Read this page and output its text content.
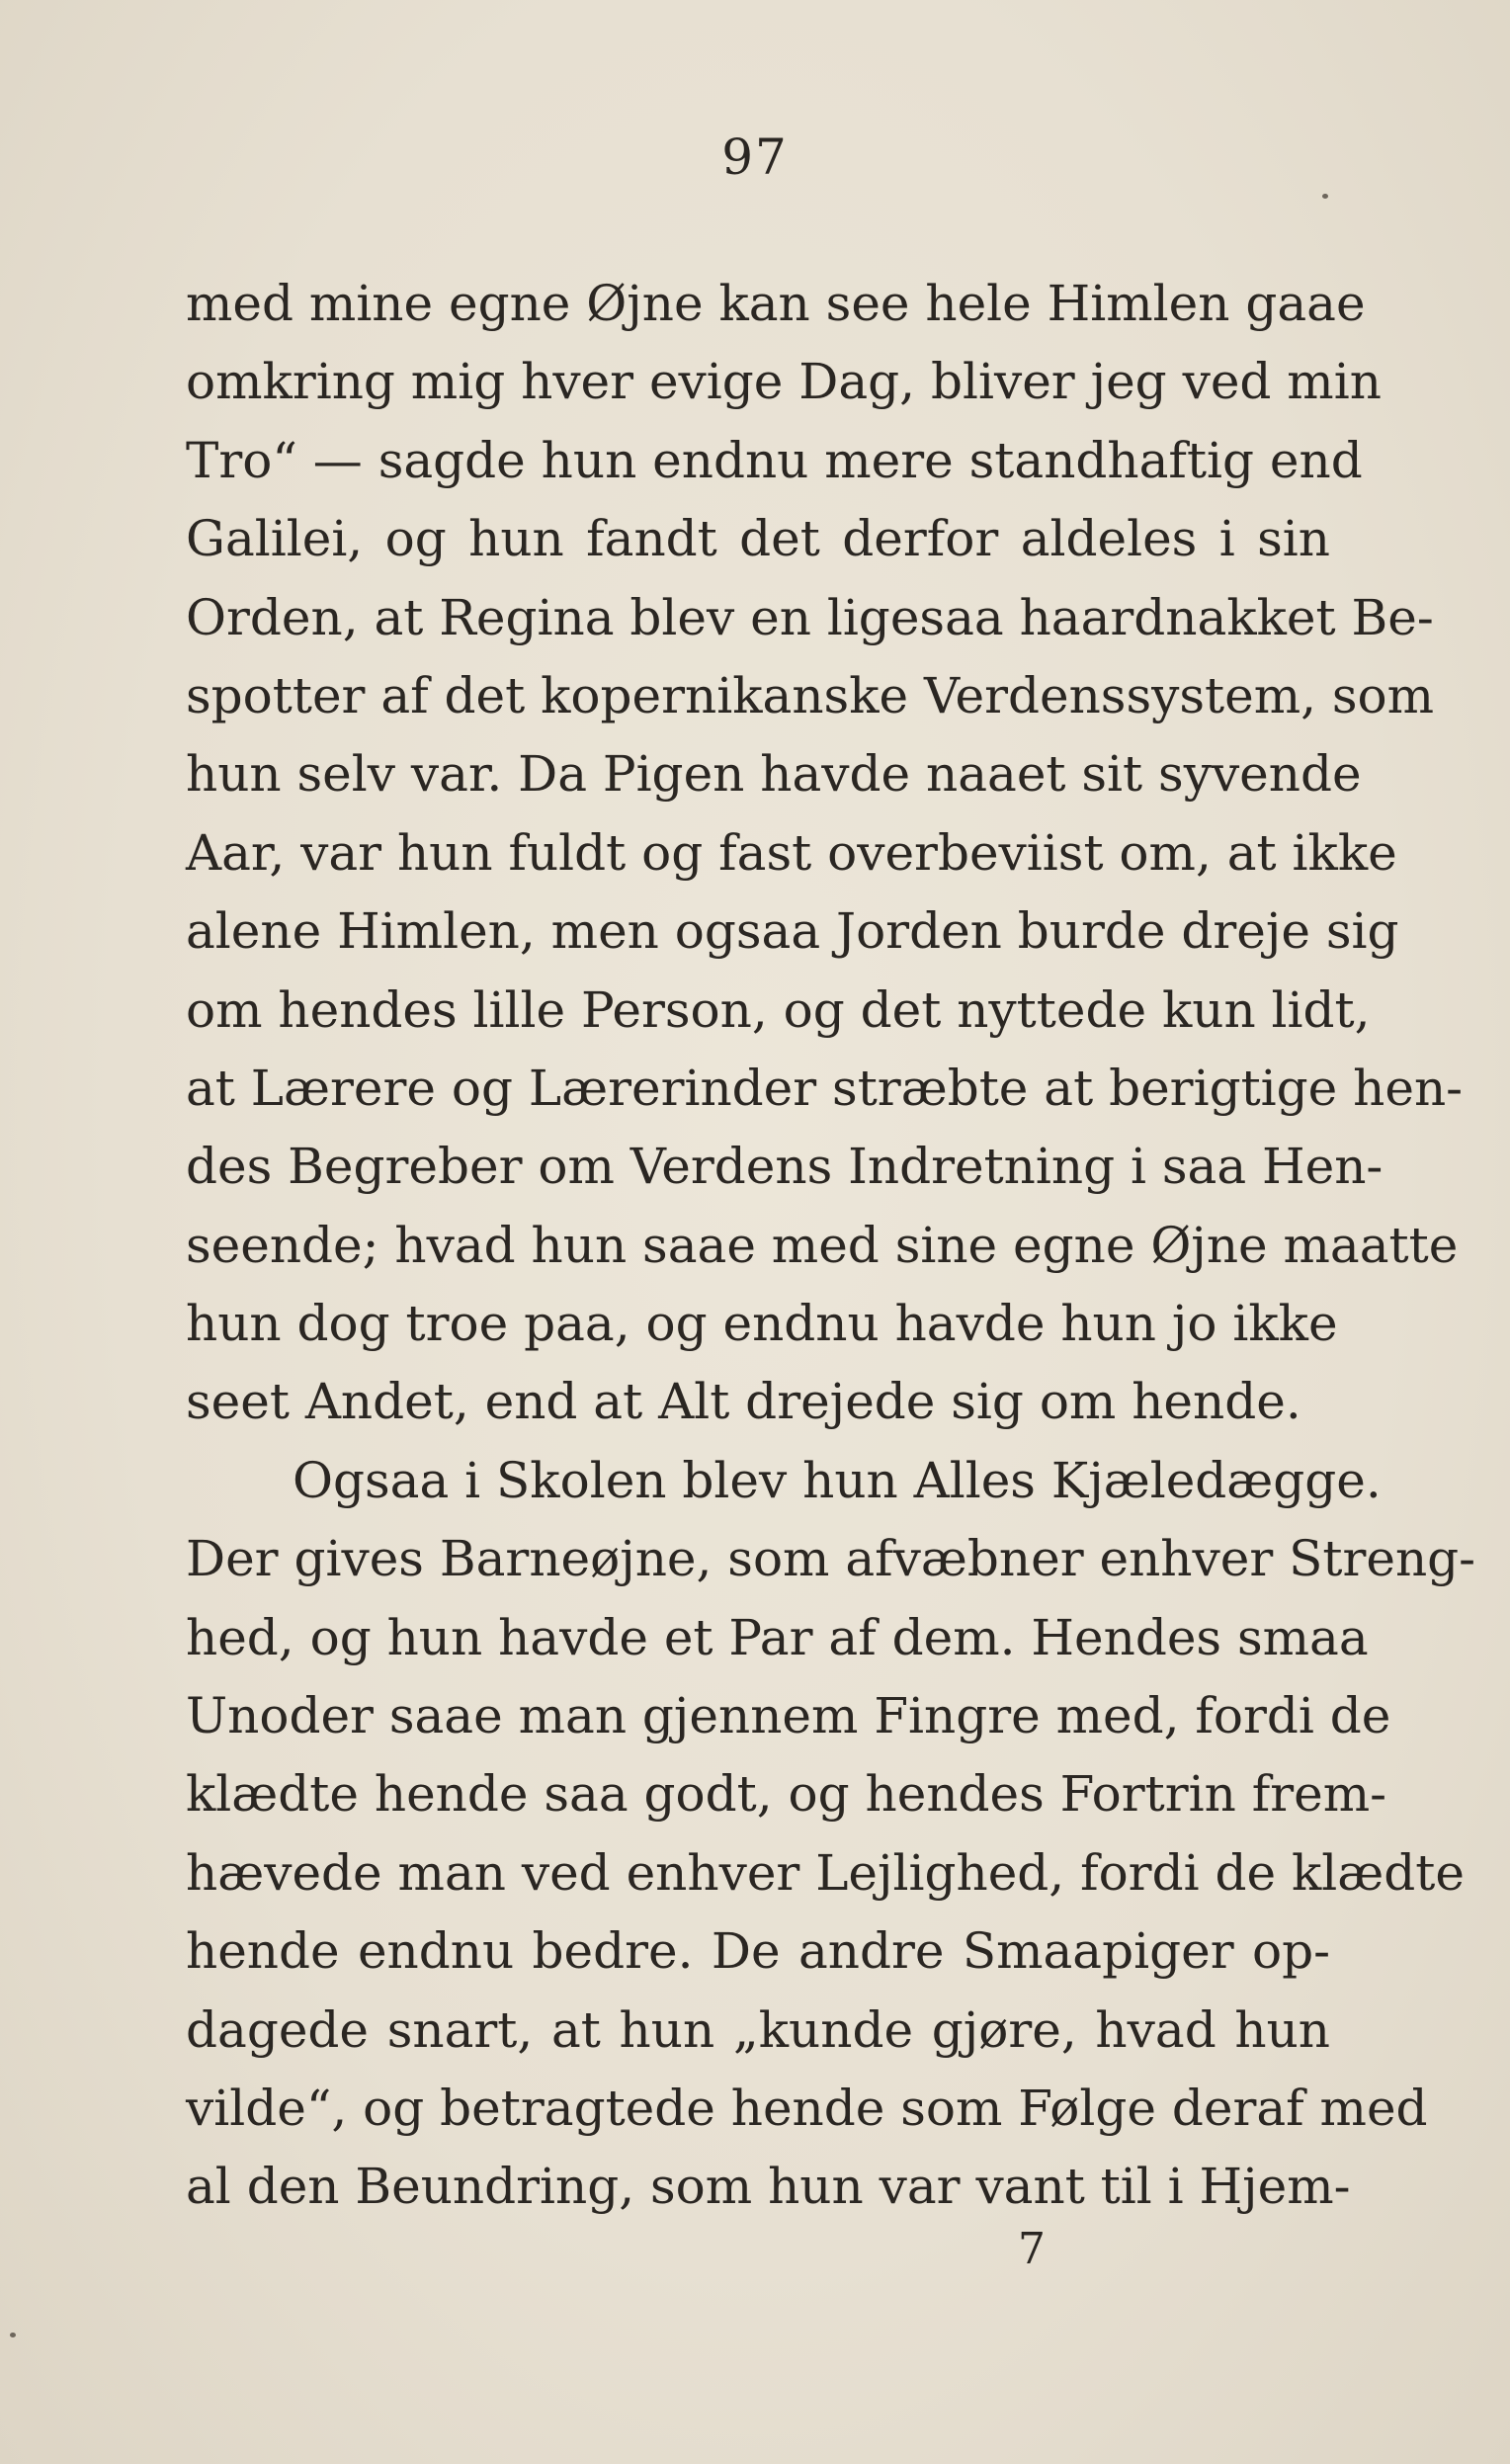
97
med mine egne Øjne kan see hele Himlen gaae
omkring mig hver evige Dag, bliver jeg ved min
Tro“ — sagde hun endnu mere standhaftig end
Galilei, og hun fandt det derfor aldeles i sin
Orden, at Regina blev en ligesaa haardnakket Be-
spotter af det kopernikanske Verdenssystem, som
hun selv var. Da Pigen havde naaet sit syvende
Aar, var hun fuldt og fast overbeviist om, at ikke
alene Himlen, men ogsaa Jorden burde dreje sig
om hendes lille Person, og det nyttede kun lidt,
at Lærere og Lærerinder stræbte at berigtige hen-
des Begreber om Verdens Indretning i saa Hen-
seende; hvad hun saae med sine egne Øjne maatte
hun dog troe paa, og endnu havde hun jo ikke
seet Andet, end at Alt drejede sig om hende.
Ogsaa i Skolen blev hun Alles Kjæledægge.
Der gives Barneøjne, som afvæbner enhver Streng-
hed, og hun havde et Par af dem. Hendes smaa
Unoder saae man gjennem Fingre med, fordi de
klædte hende saa godt, og hendes Fortrin frem-
hævede man ved enhver Lejlighed, fordi de klædte
hende endnu bedre. De andre Smaapiger op-
dagede snart, at hun „kunde gjøre, hvad hun
vilde“, og betragtede hende som Følge deraf med
al den Beundring, som hun var vant til i Hjem-
7
